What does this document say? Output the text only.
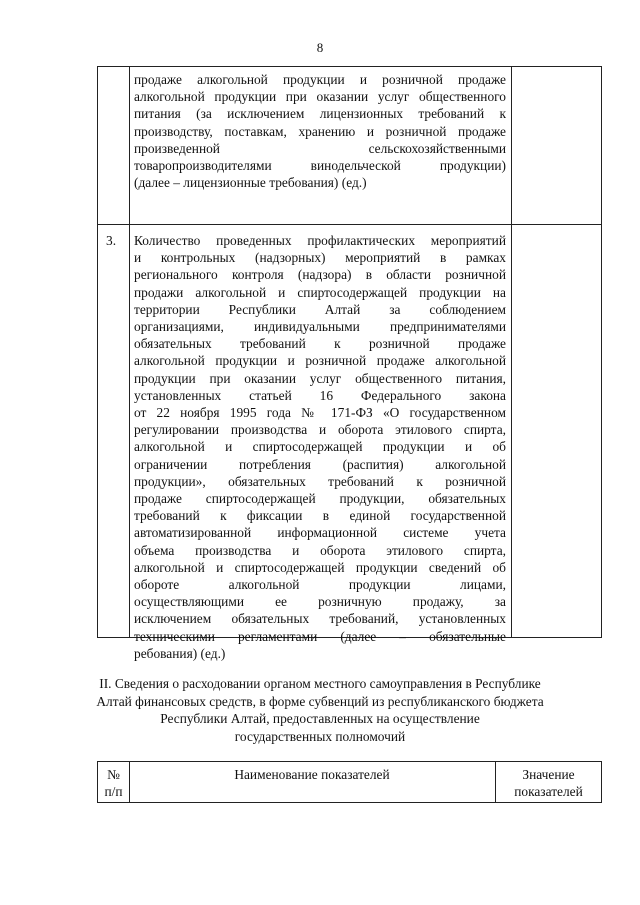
8
продаже алкогольной продукции и розничной продаже
алкогольной продукции при оказании услуг общественного
питания (за исключением лицензионных требований к
производству, поставкам, хранению и розничной продаже
произведенной сельскохозяйственными
товаропроизводителями винодельческой продукции)
(далее – лицензионные требования) (ед.)
3. Количество проведенных профилактических мероприятий
и контрольных (надзорных) мероприятий в рамках
регионального контроля (надзора) в области розничной
продажи алкогольной и спиртосодержащей продукции на
территории Республики Алтай за соблюдением
организациями, индивидуальными предпринимателями
обязательных требований к розничной продаже
алкогольной продукции и розничной продаже алкогольной
продукции при оказании услуг общественного питания,
установленных статьей 16 Федерального закона
от 22 ноября 1995 года № 171-ФЗ «О государственном
регулировании производства и оборота этилового спирта,
алкогольной и спиртосодержащей продукции и об
ограничении потребления (распития) алкогольной
продукции», обязательных требований к розничной
продаже спиртосодержащей продукции, обязательных
требований к фиксации в единой государственной
автоматизированной информационной системе учета
объема производства и оборота этилового спирта,
алкогольной и спиртосодержащей продукции сведений об
обороте алкогольной продукции лицами,
осуществляющими ее розничную продажу, за
исключением обязательных требований, установленных
техническими регламентами (далее – обязательные
ребования) (ед.)
II. Сведения о расходовании органом местного самоуправления в Республике
Алтай финансовых средств, в форме субвенций из республиканского бюджета
Республики Алтай, предоставленных на осуществление
государственных полномочий
№
п/п
Наименование показателей	Значение
показателей
